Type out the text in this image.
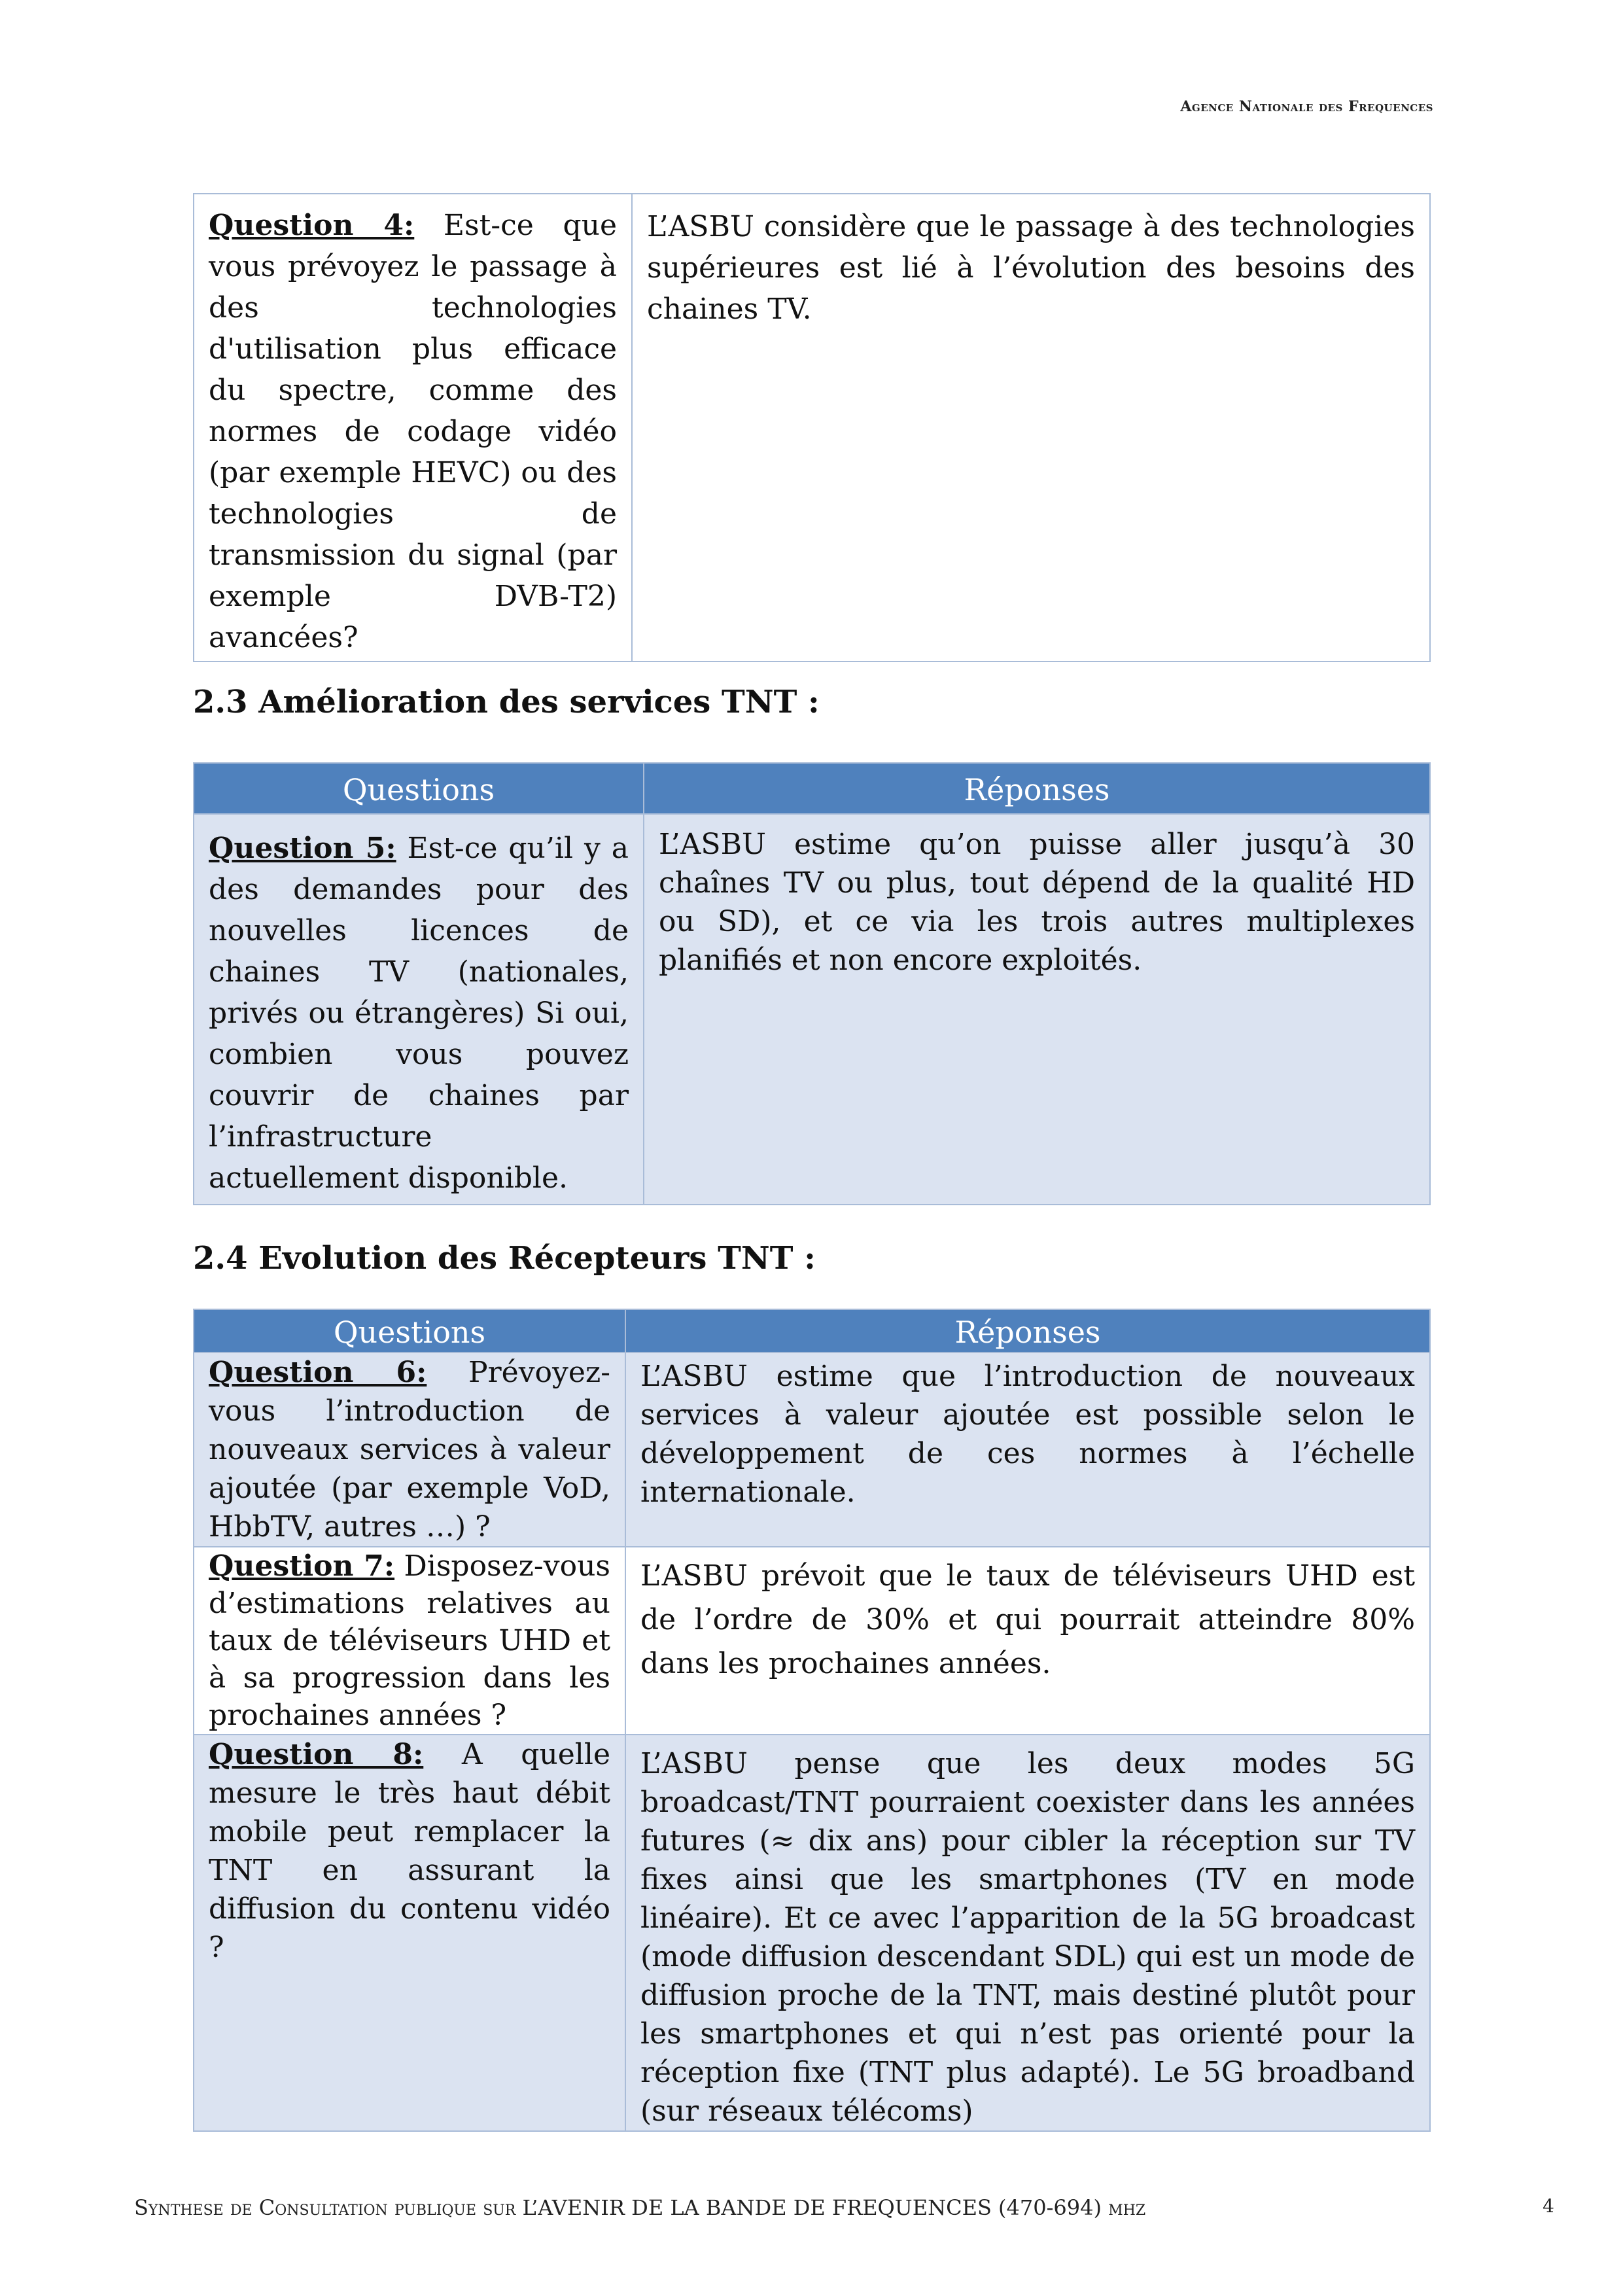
Agence Nationale des Frequences
Question 4: Est-ce que vous prévoyez le passage à des technologies d'utilisation plus efficace du spectre, comme des normes de codage vidéo (par exemple HEVC) ou des technologies de transmission du signal (par exemple DVB-T2) avancées?	L’ASBU considère que le passage à des technologies supérieures est lié à l’évolution des besoins des chaines TV.
2.3 Amélioration des services TNT :
Questions	Réponses
Question 5: Est-ce qu’il y a des demandes pour des nouvelles licences de chaines TV (nationales, privés ou étrangères) Si oui, combien vous pouvez couvrir de chaines par l’infrastructure actuellement disponible.	L’ASBU estime qu’on puisse aller jusqu’à 30 chaînes TV ou plus, tout dépend de la qualité HD ou SD), et ce via les trois autres multiplexes planifiés et non encore exploités.
2.4 Evolution des Récepteurs TNT :
Questions	Réponses
Question 6: Prévoyez-vous l’introduction de nouveaux services à valeur ajoutée (par exemple VoD, HbbTV, autres …) ?	L’ASBU estime que l’introduction de nouveaux services à valeur ajoutée est possible selon le développement de ces normes à l’échelle internationale.
Question 7: Disposez-vous d’estimations relatives au taux de téléviseurs UHD et à sa progression dans les prochaines années ?	L’ASBU prévoit que le taux de téléviseurs UHD est de l’ordre de 30% et qui pourrait atteindre 80% dans les prochaines années.
Question 8: A quelle mesure le très haut débit mobile peut remplacer la TNT en assurant la diffusion du contenu vidéo ?	L’ASBU pense que les deux modes 5G broadcast/TNT pourraient coexister dans les années futures (≈ dix ans) pour cibler la réception sur TV fixes ainsi que les smartphones (TV en mode linéaire). Et ce avec l’apparition de la 5G broadcast (mode diffusion descendant SDL) qui est un mode de diffusion proche de la TNT, mais destiné plutôt pour les smartphones et qui n’est pas orienté pour la réception fixe (TNT plus adapté). Le 5G broadband (sur réseaux télécoms)
Synthese de Consultation publique sur L’AVENIR DE LA BANDE DE FREQUENCES (470-694) mhz	4
